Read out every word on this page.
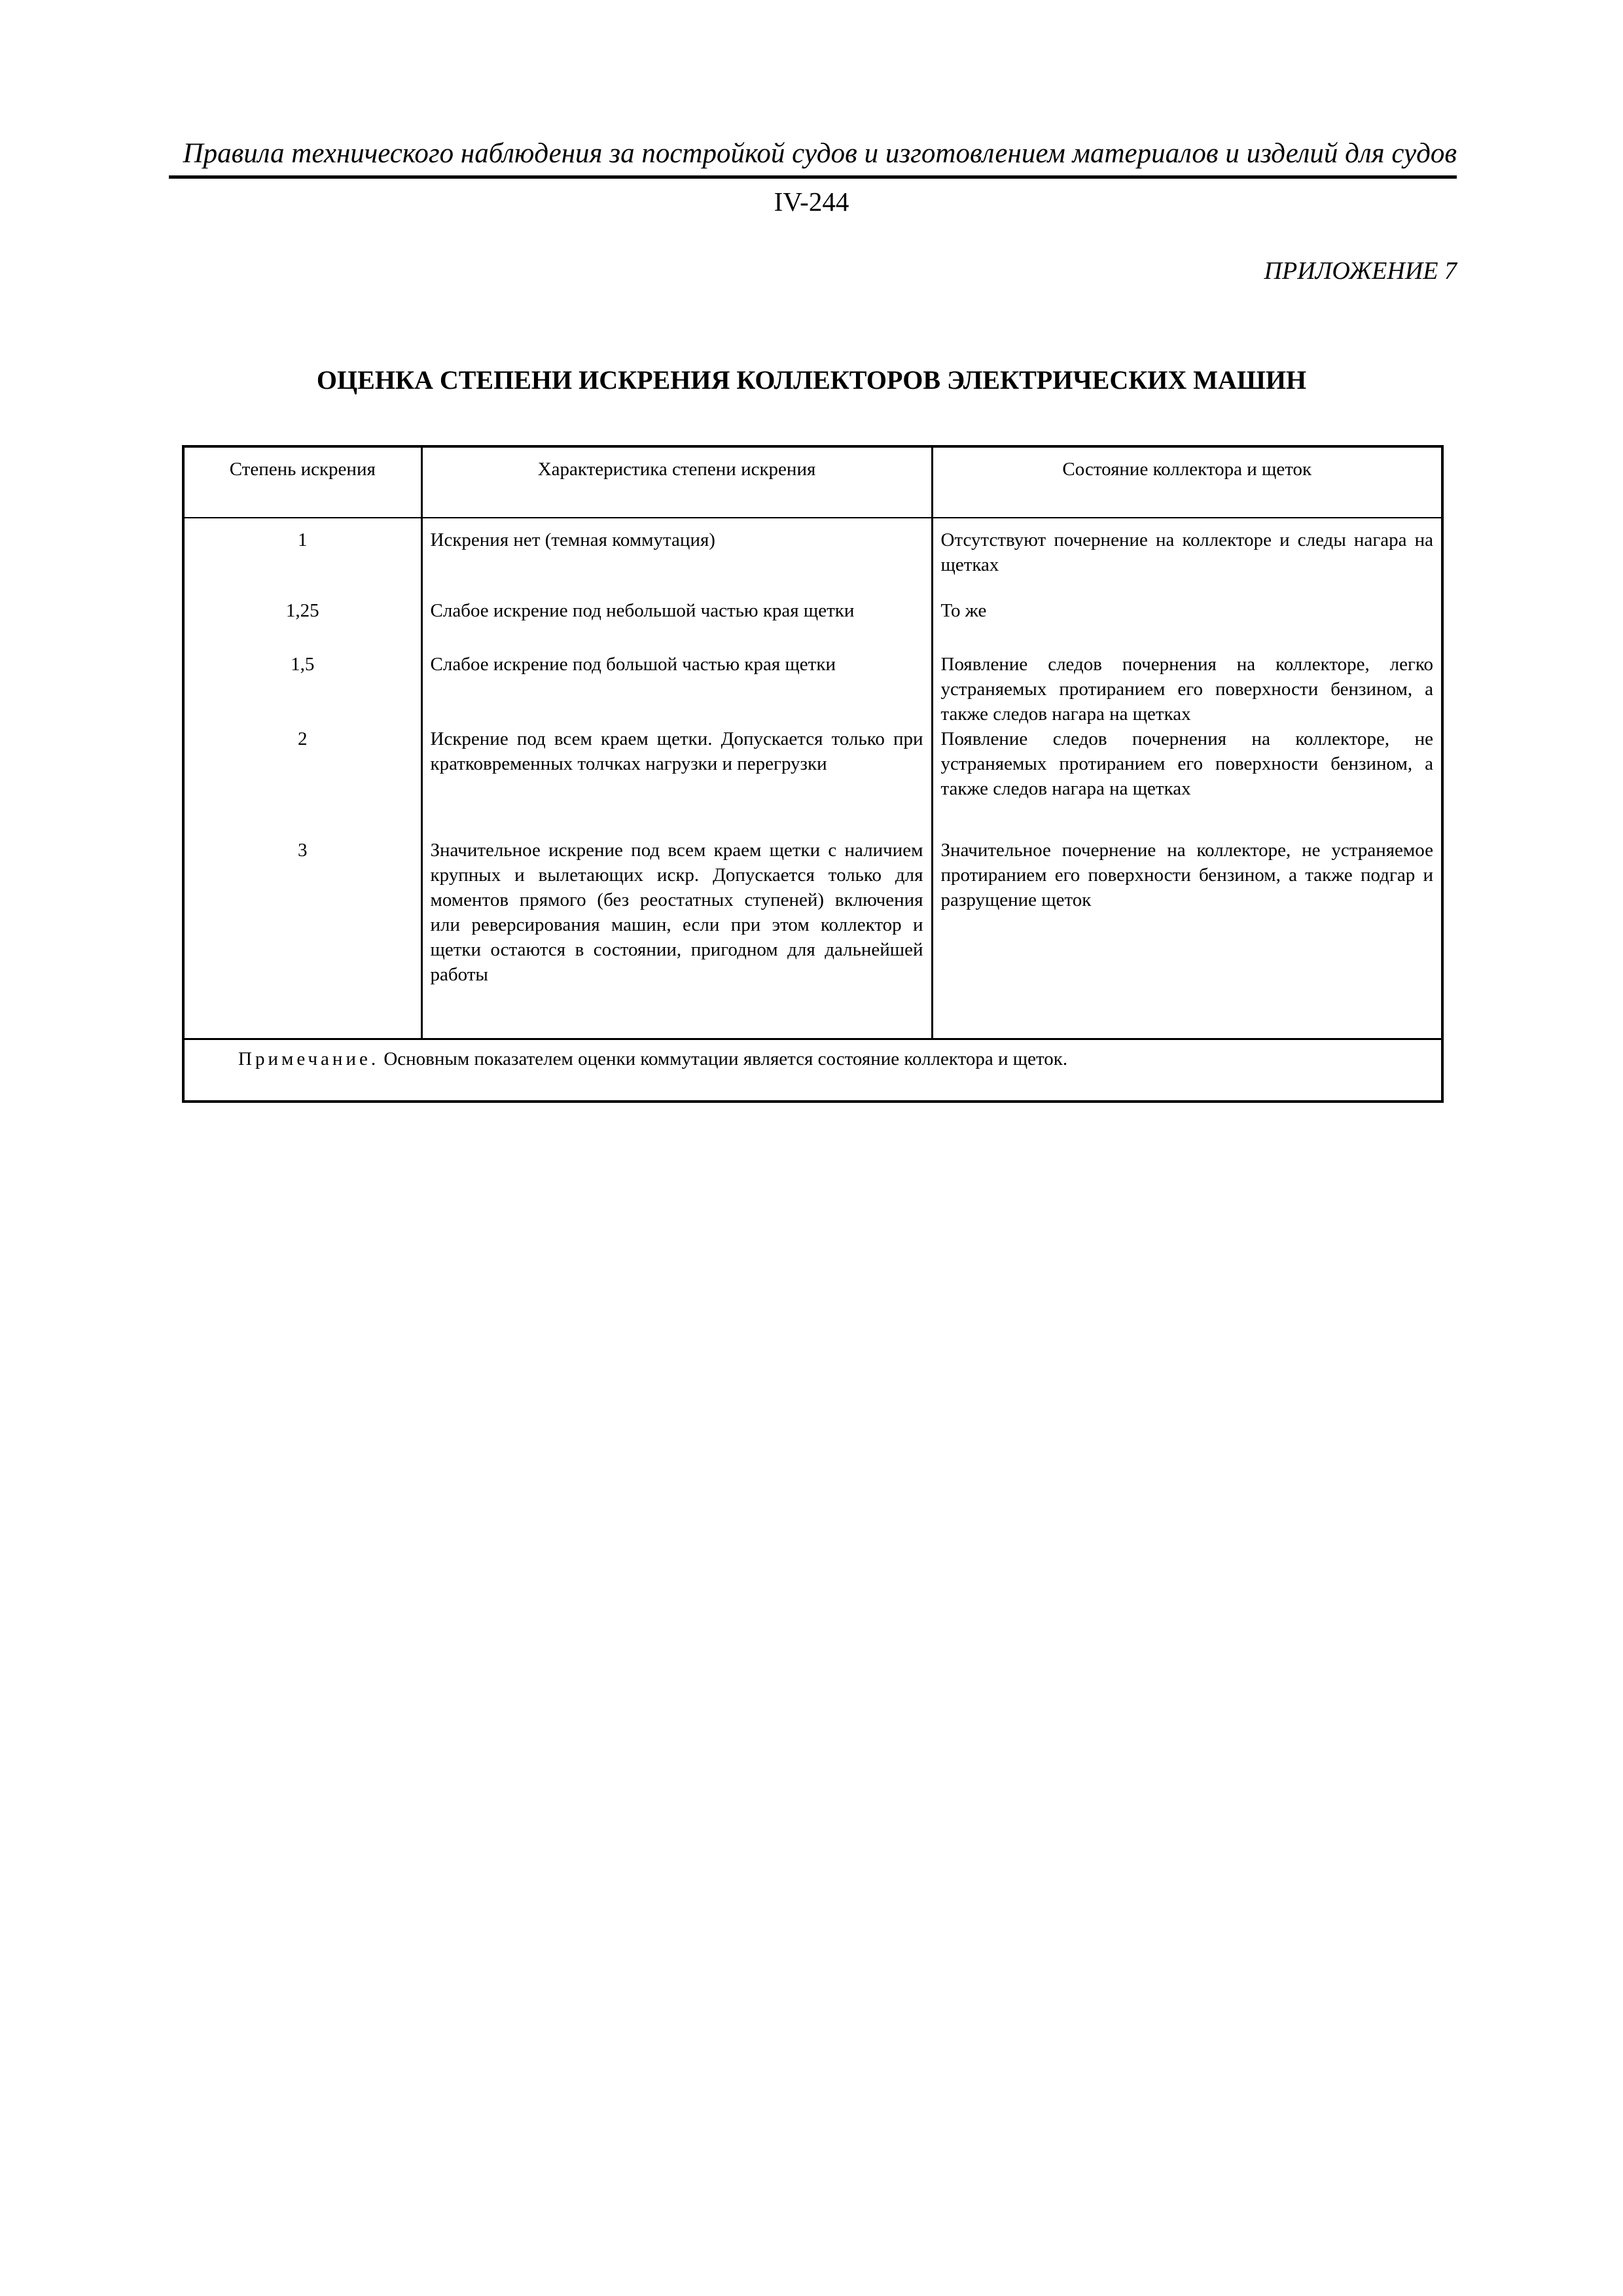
Правила технического наблюдения за постройкой судов и изготовлением материалов и изделий для судов
IV-244
ПРИЛОЖЕНИЕ 7
ОЦЕНКА СТЕПЕНИ ИСКРЕНИЯ КОЛЛЕКТОРОВ ЭЛЕКТРИЧЕСКИХ МАШИН
Степень искрения	Характеристика степени искрения	Состояние коллектора и щеток
1	Искрения нет (темная коммутация)	Отсутствуют почернение на коллекторе и следы нагара на щетках
1,25	Слабое искрение под небольшой частью края щетки	То же
1,5	Слабое искрение под большой частью края щетки	Появление следов почернения на коллекторе, легко устраняемых протиранием его поверхности бензином, а также следов нагара на щетках
2	Искрение под всем краем щетки. Допускается только при кратковременных толчках нагрузки и перегрузки	Появление следов почернения на коллекторе, не устраняемых протиранием его поверхности бензином, а также следов нагара на щетках
3	Значительное искрение под всем краем щетки с наличием крупных и вылетающих искр. Допускается только для моментов прямого (без реостатных ступеней) включения или реверсирования машин, если при этом коллектор и щетки остаются в состоянии, пригодном для дальнейшей работы	Значительное почернение на коллекторе, не устраняемое протиранием его поверхности бензином, а также подгар и разрущение щеток
Примечание. Основным показателем оценки коммутации является состояние коллектора и щеток.		
